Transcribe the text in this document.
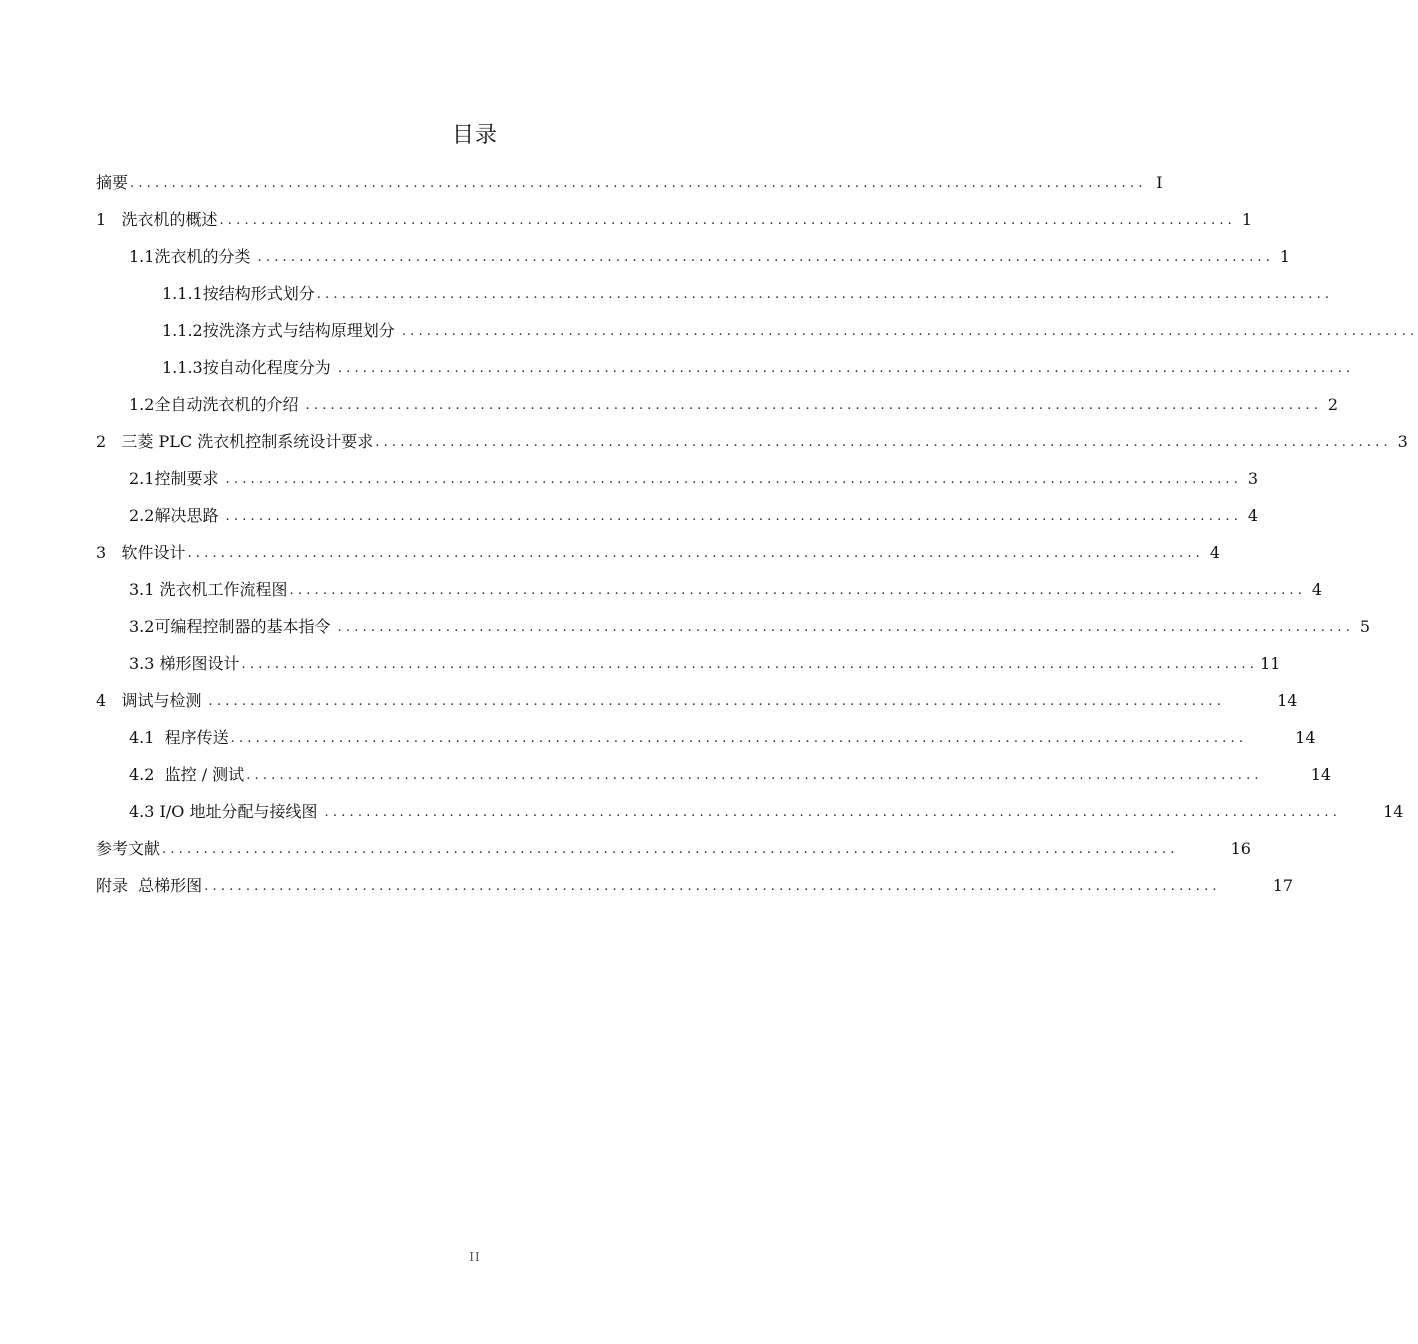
目录
摘要 .......................................................................................................................... I
1   洗衣机的概述 .......................................................................................................................... 1
1.1洗衣机的分类 .......................................................................................................................... 1
1.1.1按结构形式划分 ..........................................................................................................................
1.1.2按洗涤方式与结构原理划分 ..........................................................................................................................
1.1.3按自动化程度分为 ..........................................................................................................................
1.2全自动洗衣机的介绍 .......................................................................................................................... 2
2   三菱 PLC 洗衣机控制系统设计要求 .......................................................................................................................... 3
2.1控制要求 .......................................................................................................................... 3
2.2解决思路 .......................................................................................................................... 4
3   软件设计 .......................................................................................................................... 4
3.1 洗衣机工作流程图 .......................................................................................................................... 4
3.2可编程控制器的基本指令 .......................................................................................................................... 5
3.3 梯形图设计 .......................................................................................................................... 11
4   调试与检测 ..........................................................................................................................	14
4.1  程序传送 ..........................................................................................................................	14
4.2  监控 / 测试 ..........................................................................................................................	14
4.3 I/O 地址分配与接线图 ..........................................................................................................................	14
参考文献 ..........................................................................................................................	16
附录  总梯形图 ..........................................................................................................................	17
II
